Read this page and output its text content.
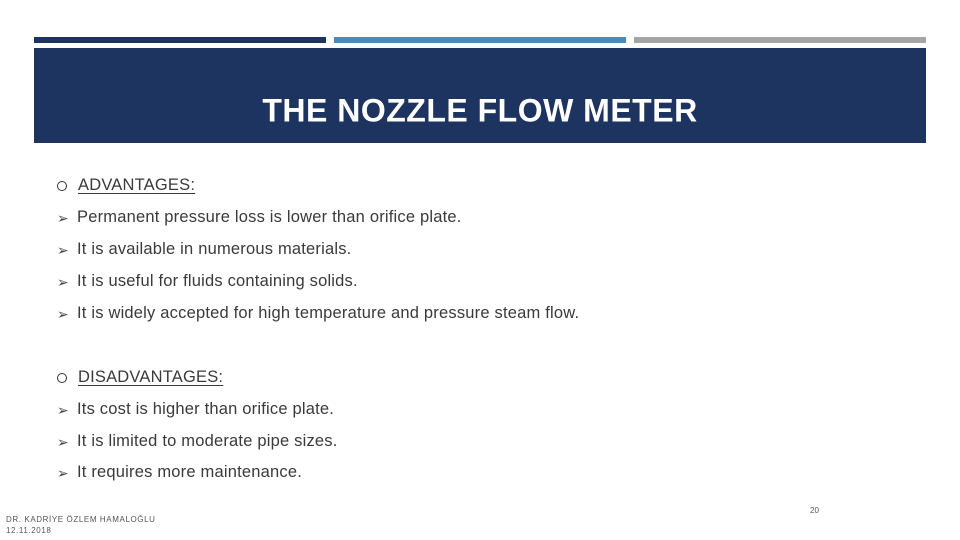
THE NOZZLE FLOW METER
ADVANTAGES:
➢ Permanent pressure loss is lower than orifice plate.
➢ It is available in numerous materials.
➢ It is useful for fluids containing solids.
➢ It is widely accepted for high temperature and pressure steam flow.
DISADVANTAGES:
➢ Its cost is higher than orifice plate.
➢ It is limited to moderate pipe sizes.
➢ It requires more maintenance.
DR. KADRİYE ÖZLEM HAMALOĞLU
12.11.2018
20
